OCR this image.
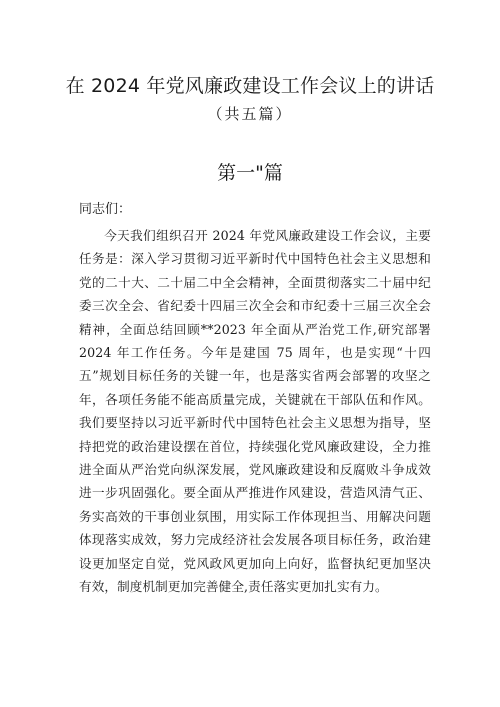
在 2024 年党风廉政建设工作会议上的讲话
（共五篇）
第一"篇
同志们：

今天我们组织召开 2024 年党风廉政建设工作会议，主要任务是：深入学习贯彻习近平新时代中国特色社会主义思想和党的二十大、二十届二中全会精神，全面贯彻落实二十届中纪委三次全会、省纪委十四届三次全会和市纪委十三届三次全会精神，全面总结回顾**2023 年全面从严治党工作,研究部署 2024 年工作任务。今年是建国 75 周年，也是实现“十四五”规划目标任务的关键一年，也是落实省两会部署的攻坚之年，各项任务能不能高质量完成，关键就在干部队伍和作风。我们要坚持以习近平新时代中国特色社会主义思想为指导，坚持把党的政治建设摆在首位，持续强化党风廉政建设，全力推进全面从严治党向纵深发展，党风廉政建设和反腐败斗争成效进一步巩固强化。要全面从严推进作风建设，营造风清气正、务实高效的干事创业氛围，用实际工作体现担当、用解决问题体现落实成效，努力完成经济社会发展各项目标任务，政治建设更加坚定自觉，党风政风更加向上向好，监督执纪更加坚决有效，制度机制更加完善健全,责任落实更加扎实有力。
